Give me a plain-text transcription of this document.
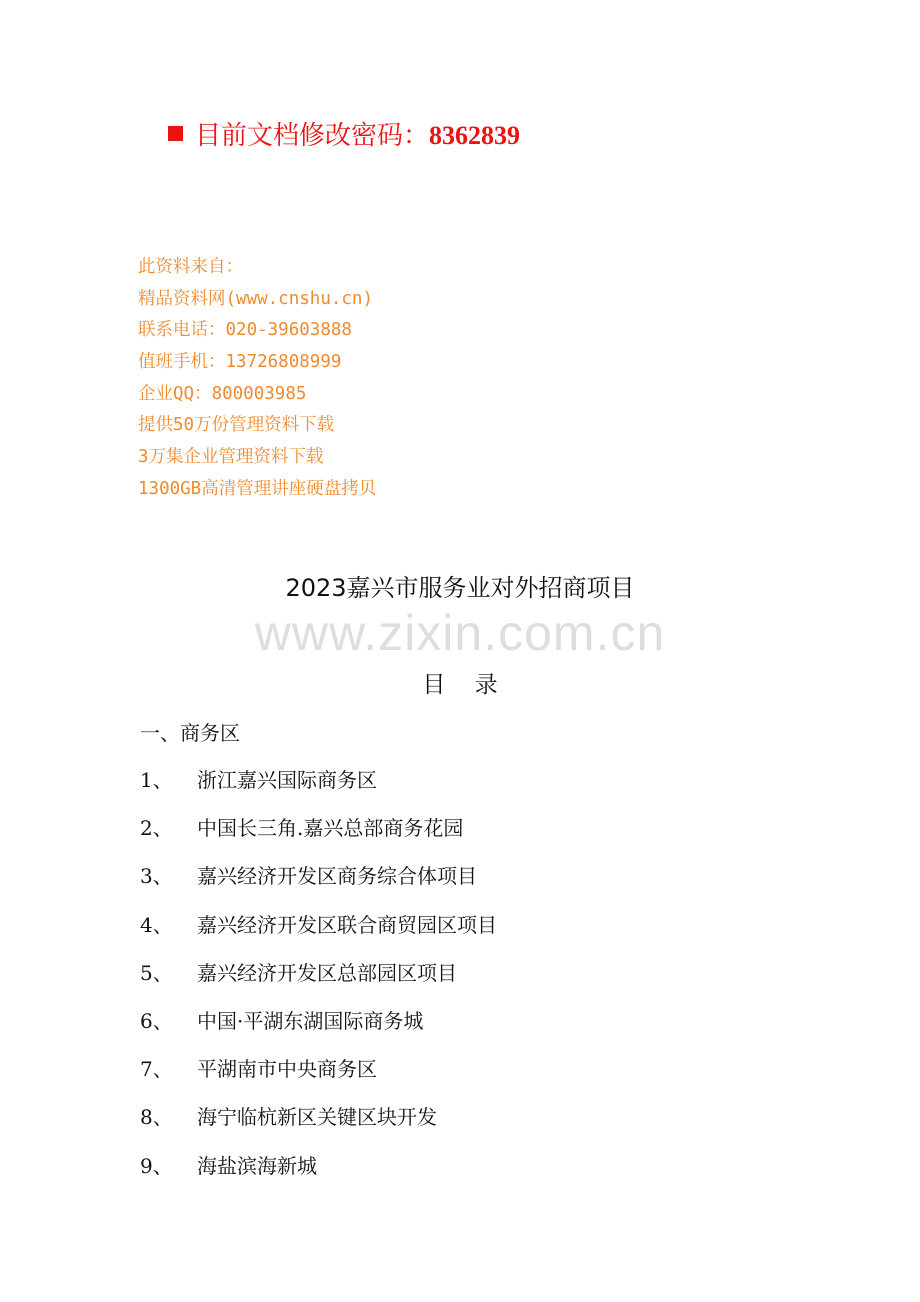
目前文档修改密码：8362839
此资料来自：
精品资料网(www.cnshu.cn)
联系电话：020-39603888
值班手机：13726808999
企业QQ：800003985
提供50万份管理资料下载
3万集企业管理资料下载
1300GB高清管理讲座硬盘拷贝
www.zixin.com.cn
2023嘉兴市服务业对外招商项目
目    录
一、商务区
1、 浙江嘉兴国际商务区
2、 中国长三角.嘉兴总部商务花园
3、 嘉兴经济开发区商务综合体项目
4、 嘉兴经济开发区联合商贸园区项目
5、 嘉兴经济开发区总部园区项目
6、 中国·平湖东湖国际商务城
7、 平湖南市中央商务区
8、 海宁临杭新区关键区块开发
9、 海盐滨海新城
